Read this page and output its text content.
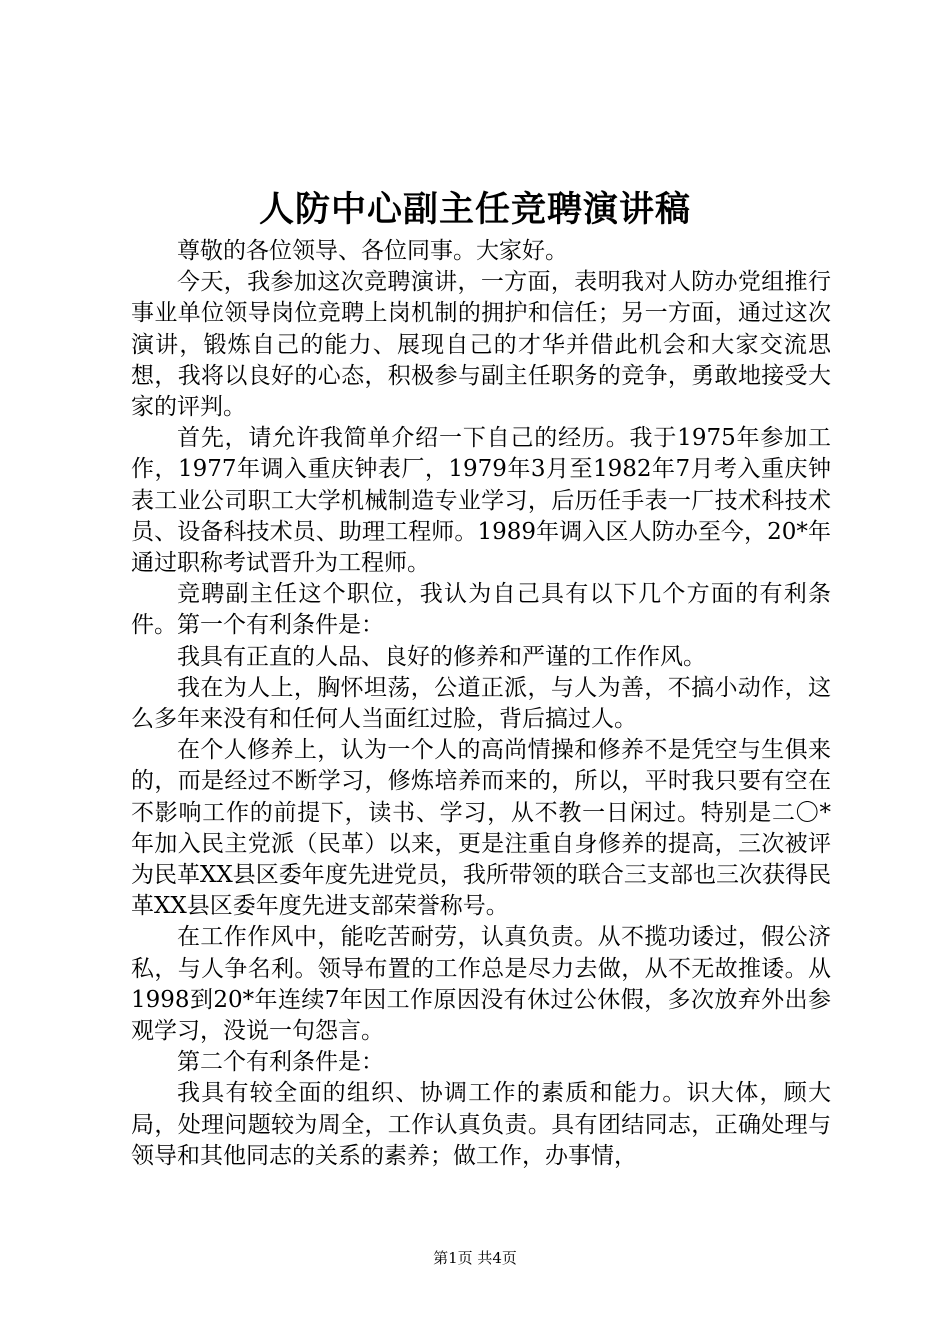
人防中心副主任竞聘演讲稿

尊敬的各位领导、各位同事。大家好。

今天，我参加这次竞聘演讲，一方面，表明我对人防办党组推行事业单位领导岗位竞聘上岗机制的拥护和信任；另一方面，通过这次演讲，锻炼自己的能力、展现自己的才华并借此机会和大家交流思想，我将以良好的心态，积极参与副主任职务的竞争，勇敢地接受大家的评判。

首先，请允许我简单介绍一下自己的经历。我于1975年参加工作，1977年调入重庆钟表厂，1979年3月至1982年7月考入重庆钟表工业公司职工大学机械制造专业学习，后历任手表一厂技术科技术员、设备科技术员、助理工程师。1989年调入区人防办至今，20*年通过职称考试晋升为工程师。

竞聘副主任这个职位，我认为自己具有以下几个方面的有利条件。第一个有利条件是：

我具有正直的人品、良好的修养和严谨的工作作风。

我在为人上，胸怀坦荡，公道正派，与人为善，不搞小动作，这么多年来没有和任何人当面红过脸，背后搞过人。

在个人修养上，认为一个人的高尚情操和修养不是凭空与生俱来的，而是经过不断学习，修炼培养而来的，所以，平时我只要有空在不影响工作的前提下，读书、学习，从不教一日闲过。特别是二〇*年加入民主党派（民革）以来，更是注重自身修养的提高，三次被评为民革XX县区委年度先进党员，我所带领的联合三支部也三次获得民革XX县区委年度先进支部荣誉称号。

在工作作风中，能吃苦耐劳，认真负责。从不揽功诿过，假公济私，与人争名利。领导布置的工作总是尽力去做，从不无故推诿。从1998到20*年连续7年因工作原因没有休过公休假，多次放弃外出参观学习，没说一句怨言。

第二个有利条件是：

我具有较全面的组织、协调工作的素质和能力。识大体，顾大局，处理问题较为周全，工作认真负责。具有团结同志，正确处理与领导和其他同志的关系的素养；做工作，办事情，

第1页 共4页
